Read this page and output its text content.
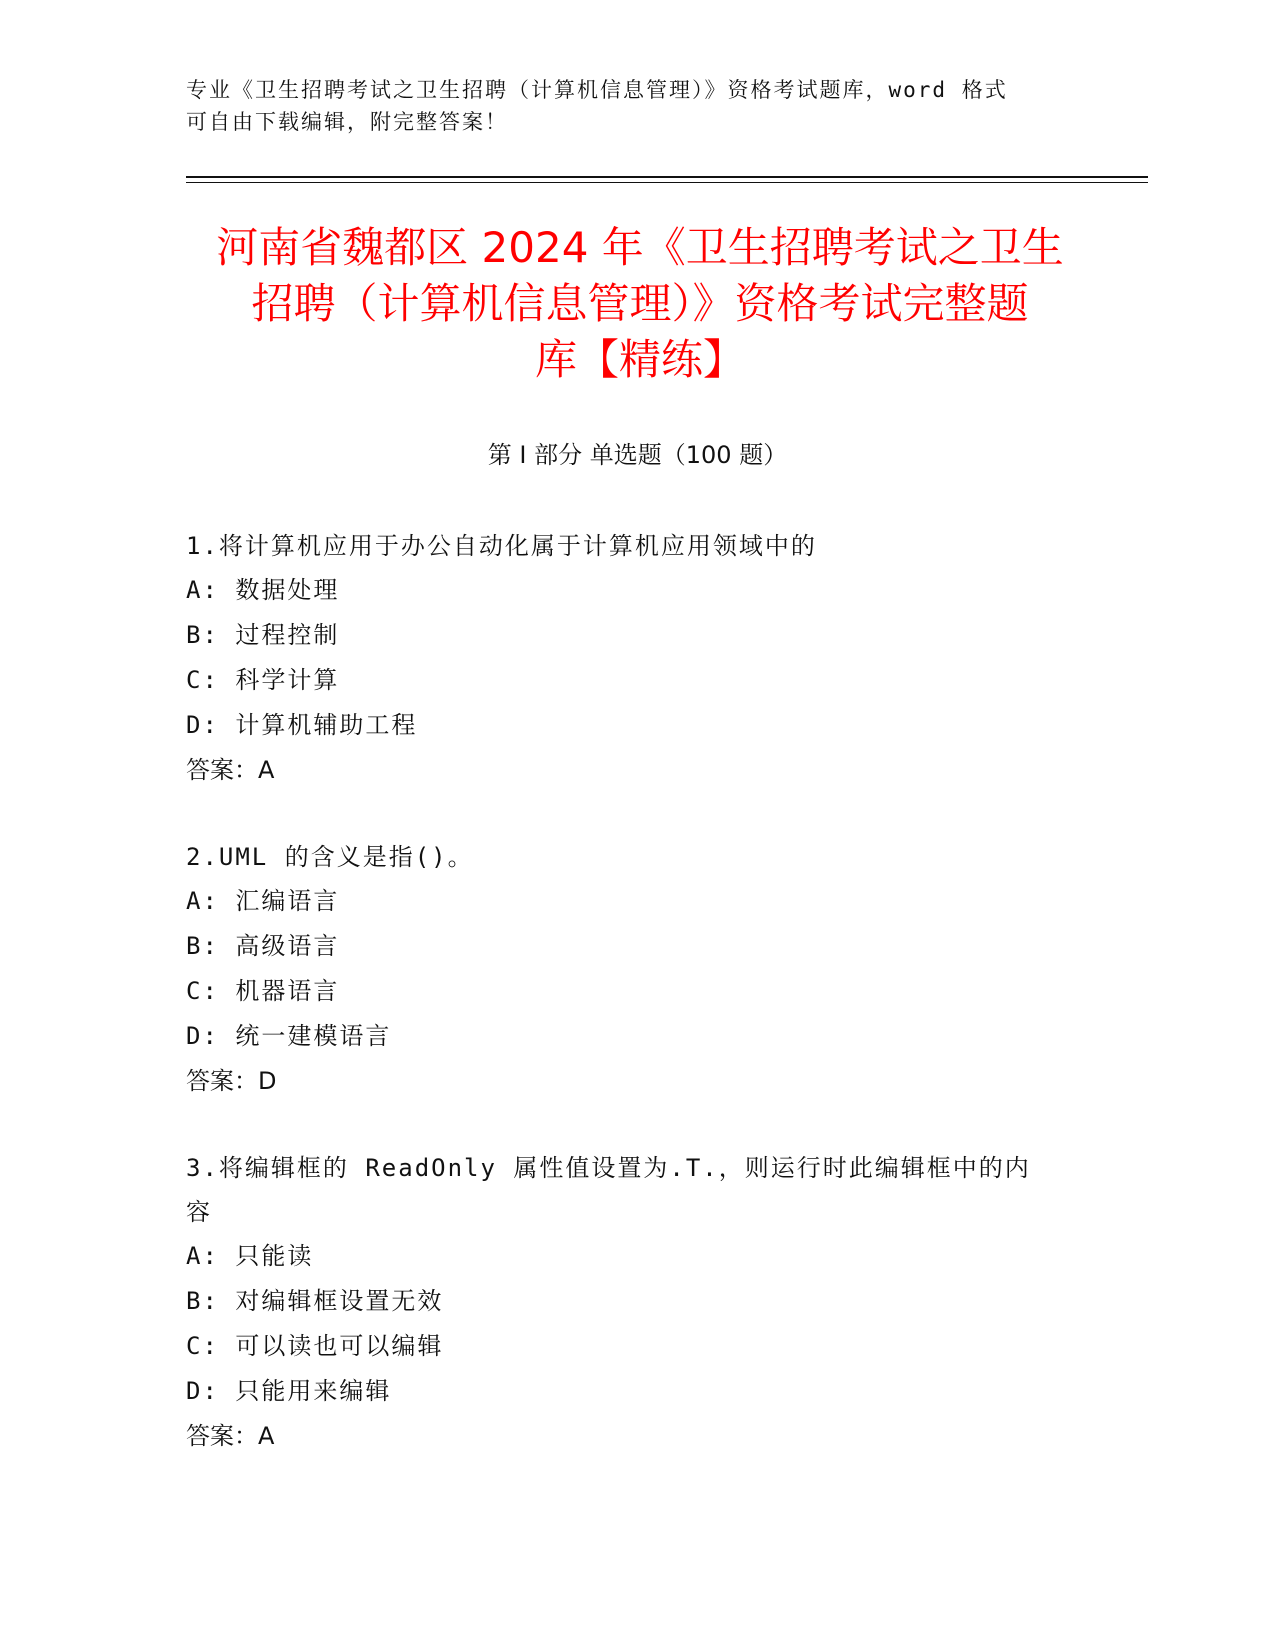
专业《卫生招聘考试之卫生招聘（计算机信息管理）》资格考试题库，word 格式
可自由下载编辑，附完整答案！
河南省魏都区 2024 年《卫生招聘考试之卫生
招聘（计算机信息管理）》资格考试完整题
库【精练】
第 I 部分 单选题（100 题）
1.将计算机应用于办公自动化属于计算机应用领域中的
A: 数据处理
B: 过程控制
C: 科学计算
D: 计算机辅助工程
答案：A
2.UML 的含义是指()。
A: 汇编语言
B: 高级语言
C: 机器语言
D: 统一建模语言
答案：D
3.将编辑框的 ReadOnly 属性值设置为.T.，则运行时此编辑框中的内
容
A: 只能读
B: 对编辑框设置无效
C: 可以读也可以编辑
D: 只能用来编辑
答案：A
